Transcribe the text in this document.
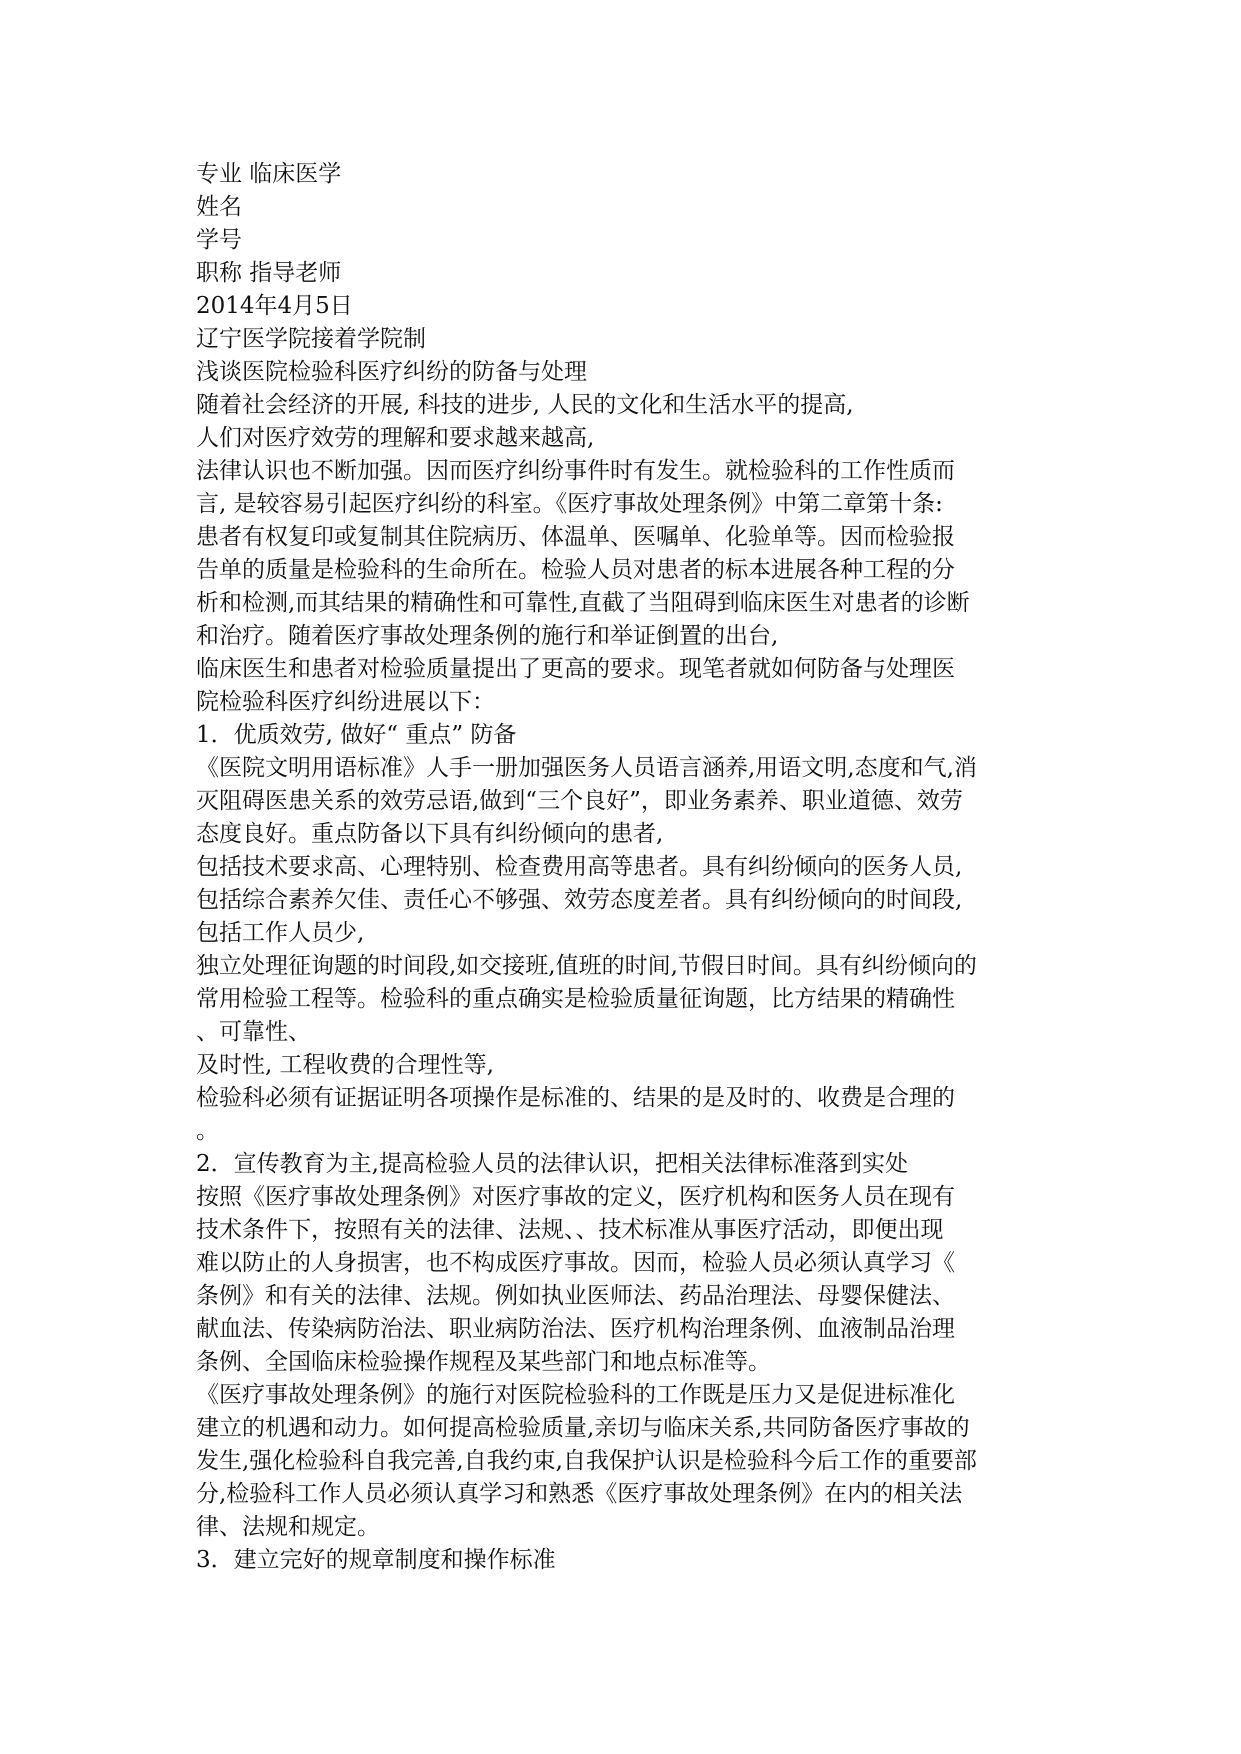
专业 临床医学
姓名
学号
职称 指导老师
2014年4月5日
辽宁医学院接着学院制
浅谈医院检验科医疗纠纷的防备与处理
随着社会经济的开展, 科技的进步, 人民的文化和生活水平的提高,
人们对医疗效劳的理解和要求越来越高,
法律认识也不断加强。因而医疗纠纷事件时有发生。就检验科的工作性质而
言, 是较容易引起医疗纠纷的科室。《医疗事故处理条例》中第二章第十条:
患者有权复印或复制其住院病历、体温单、医嘱单、化验单等。因而检验报
告单的质量是检验科的生命所在。检验人员对患者的标本进展各种工程的分
析和检测,而其结果的精确性和可靠性,直截了当阻碍到临床医生对患者的诊断
和治疗。随着医疗事故处理条例的施行和举证倒置的出台,
临床医生和患者对检验质量提出了更高的要求。现笔者就如何防备与处理医
院检验科医疗纠纷进展以下：
1．优质效劳, 做好“ 重点” 防备
《医院文明用语标准》人手一册加强医务人员语言涵养,用语文明,态度和气,消
灭阻碍医患关系的效劳忌语,做到“三个良好”，即业务素养、职业道德、效劳
态度良好。重点防备以下具有纠纷倾向的患者,
包括技术要求高、心理特别、检查费用高等患者。具有纠纷倾向的医务人员,
包括综合素养欠佳、责任心不够强、效劳态度差者。具有纠纷倾向的时间段,
包括工作人员少,
独立处理征询题的时间段,如交接班,值班的时间,节假日时间。具有纠纷倾向的
常用检验工程等。检验科的重点确实是检验质量征询题，比方结果的精确性
、可靠性、
及时性, 工程收费的合理性等,
检验科必须有证据证明各项操作是标准的、结果的是及时的、收费是合理的
。
2．宣传教育为主,提高检验人员的法律认识，把相关法律标准落到实处
按照《医疗事故处理条例》对医疗事故的定义，医疗机构和医务人员在现有
技术条件下，按照有关的法律、法规、、技术标准从事医疗活动，即便出现
难以防止的人身损害，也不构成医疗事故。因而，检验人员必须认真学习《
条例》和有关的法律、法规。例如执业医师法、药品治理法、母婴保健法、
献血法、传染病防治法、职业病防治法、医疗机构治理条例、血液制品治理
条例、全国临床检验操作规程及某些部门和地点标准等。
《医疗事故处理条例》的施行对医院检验科的工作既是压力又是促进标准化
建立的机遇和动力。如何提高检验质量,亲切与临床关系,共同防备医疗事故的
发生,强化检验科自我完善,自我约束,自我保护认识是检验科今后工作的重要部
分,检验科工作人员必须认真学习和熟悉《医疗事故处理条例》在内的相关法
律、法规和规定。
3．建立完好的规章制度和操作标准
